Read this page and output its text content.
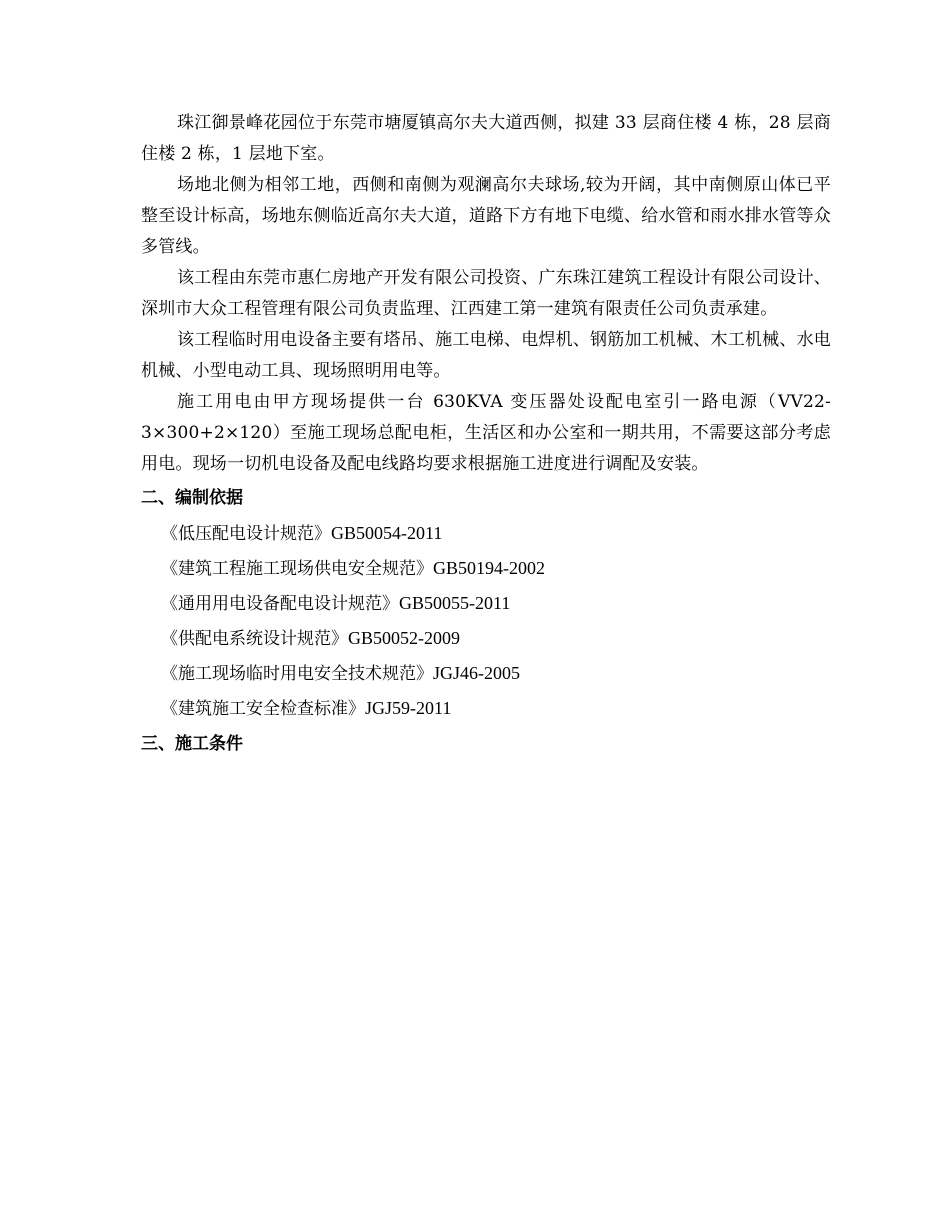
珠江御景峰花园位于东莞市塘厦镇高尔夫大道西侧，拟建 33 层商住楼 4 栋，28 层商住楼 2 栋，1 层地下室。

场地北侧为相邻工地，西侧和南侧为观澜高尔夫球场,较为开阔，其中南侧原山体已平整至设计标高，场地东侧临近高尔夫大道，道路下方有地下电缆、给水管和雨水排水管等众多管线。

该工程由东莞市惠仁房地产开发有限公司投资、广东珠江建筑工程设计有限公司设计、深圳市大众工程管理有限公司负责监理、江西建工第一建筑有限责任公司负责承建。

该工程临时用电设备主要有塔吊、施工电梯、电焊机、钢筋加工机械、木工机械、水电机械、小型电动工具、现场照明用电等。

施工用电由甲方现场提供一台 630KVA 变压器处设配电室引一路电源（VV22-3×300+2×120）至施工现场总配电柜，生活区和办公室和一期共用，不需要这部分考虑用电。现场一切机电设备及配电线路均要求根据施工进度进行调配及安装。

二、编制依据
《低压配电设计规范》GB50054-2011
《建筑工程施工现场供电安全规范》GB50194-2002
《通用用电设备配电设计规范》GB50055-2011
《供配电系统设计规范》GB50052-2009
《施工现场临时用电安全技术规范》JGJ46-2005
《建筑施工安全检查标准》JGJ59-2011
三、施工条件
